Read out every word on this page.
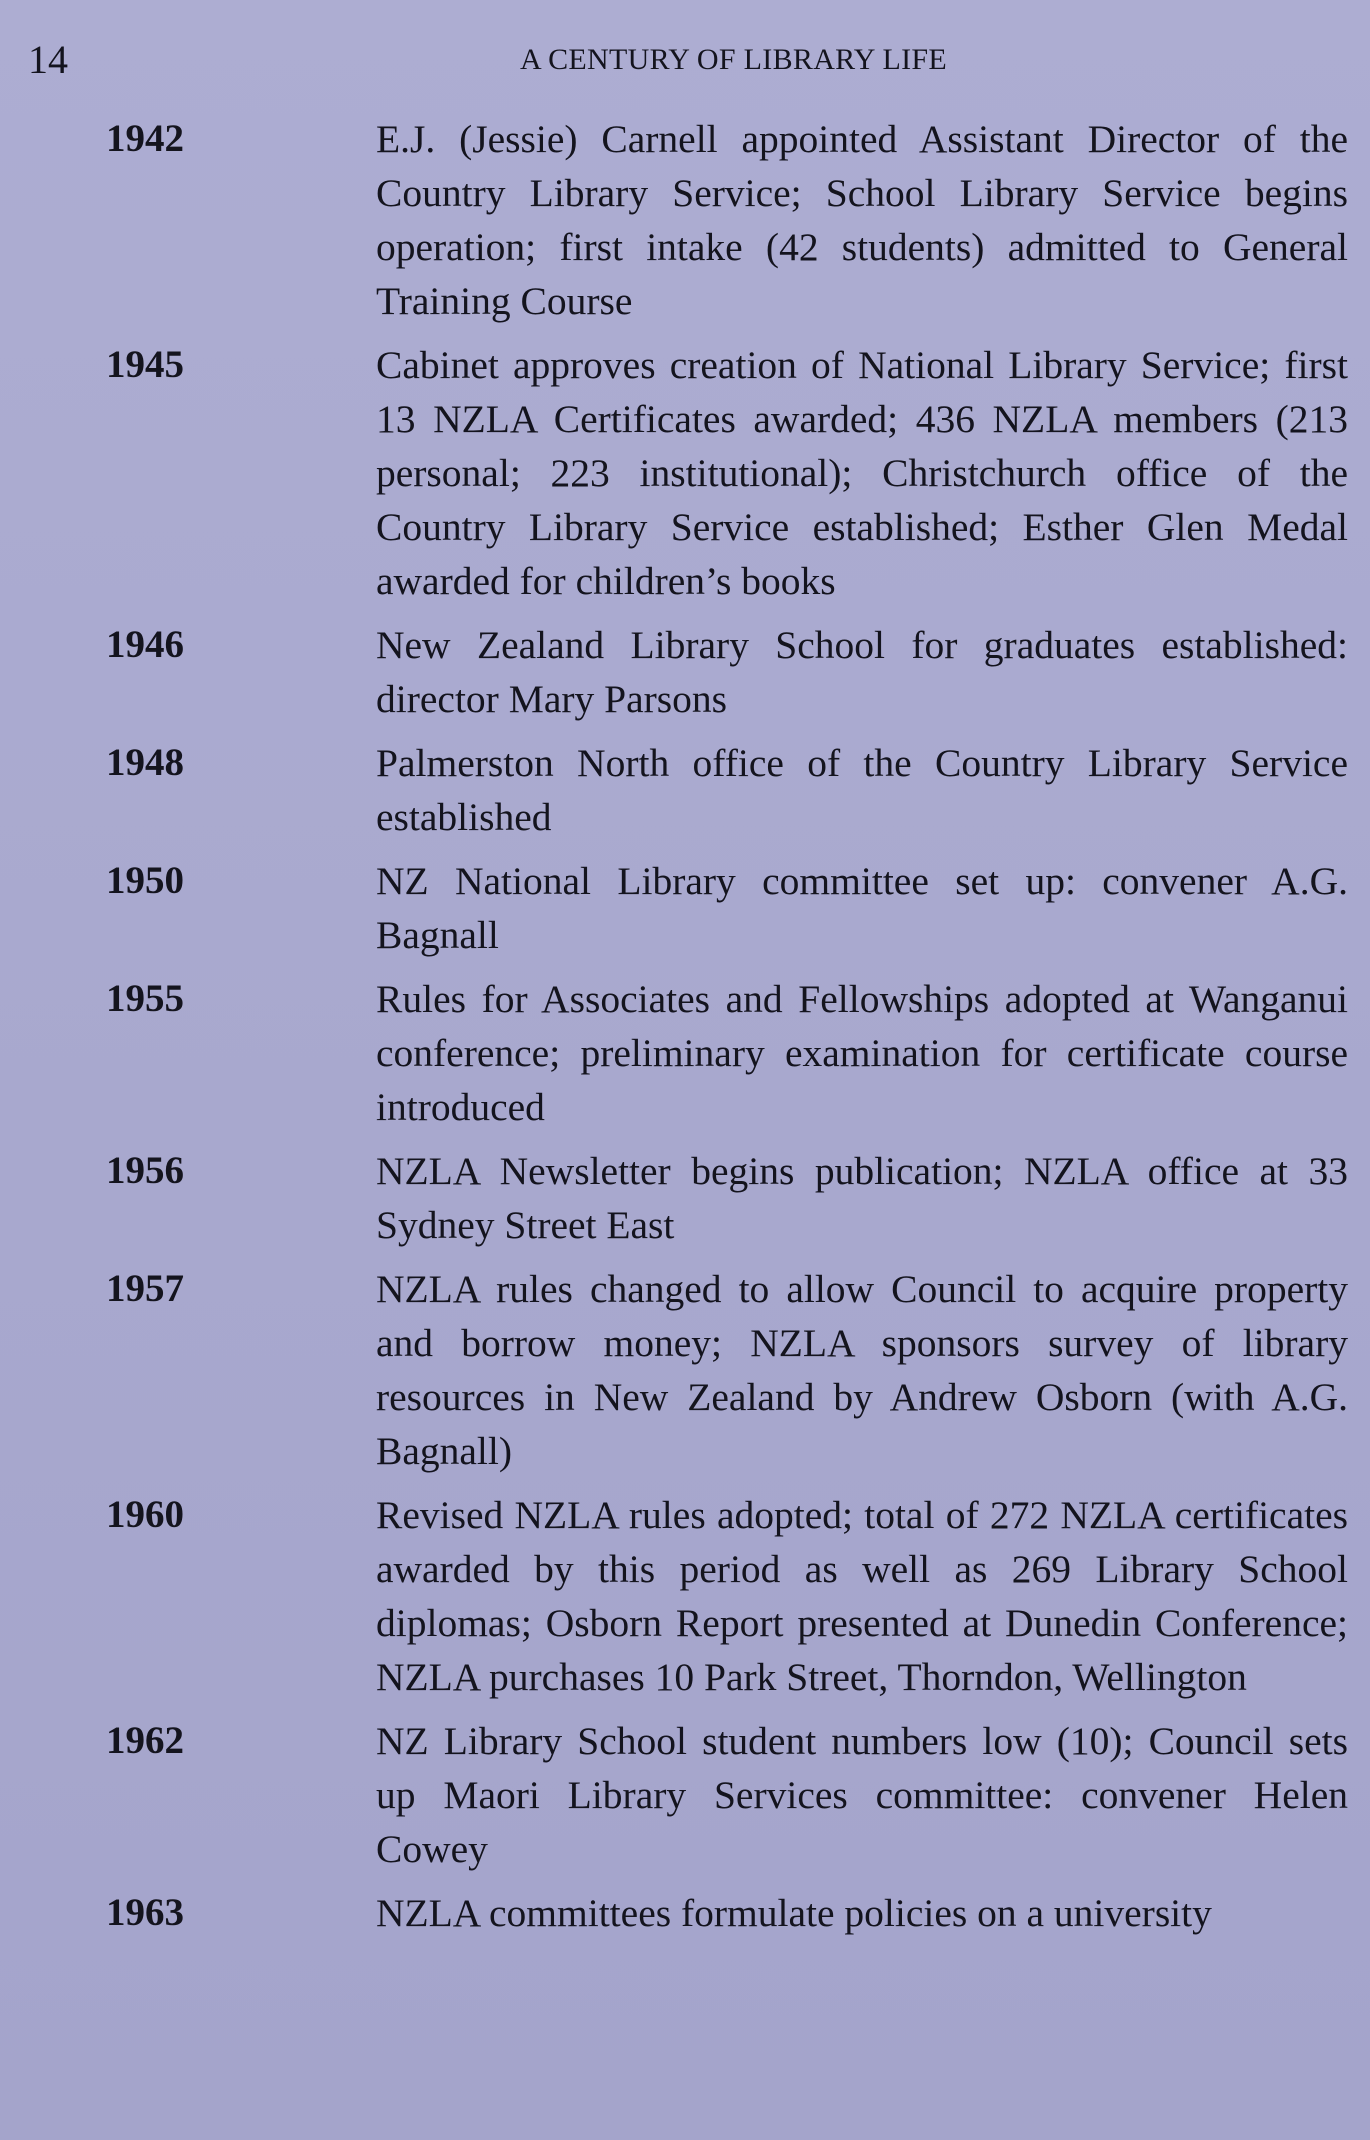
14	A CENTURY OF LIBRARY LIFE
1942	E.J. (Jessie) Carnell appointed Assistant Director of the Country Library Service; School Library Service begins operation; first intake (42 students) admitted to General Training Course
1945	Cabinet approves creation of National Library Service; first 13 NZLA Certificates awarded; 436 NZLA members (213 personal; 223 institutional); Christchurch office of the Country Library Service established; Esther Glen Medal awarded for children’s books
1946	New Zealand Library School for graduates established: director Mary Parsons
1948	Palmerston North office of the Country Library Service established
1950	NZ National Library committee set up: convener A.G. Bagnall
1955	Rules for Associates and Fellowships adopted at Wanganui conference; preliminary examination for certificate course introduced
1956	NZLA Newsletter begins publication; NZLA office at 33 Sydney Street East
1957	NZLA rules changed to allow Council to acquire property and borrow money; NZLA sponsors survey of library resources in New Zealand by Andrew Osborn (with A.G. Bagnall)
1960	Revised NZLA rules adopted; total of 272 NZLA certificates awarded by this period as well as 269 Library School diplomas; Osborn Report presented at Dunedin Conference; NZLA purchases 10 Park Street, Thorndon, Wellington
1962	NZ Library School student numbers low (10); Council sets up Maori Library Services committee: convener Helen Cowey
1963	NZLA committees formulate policies on a university
